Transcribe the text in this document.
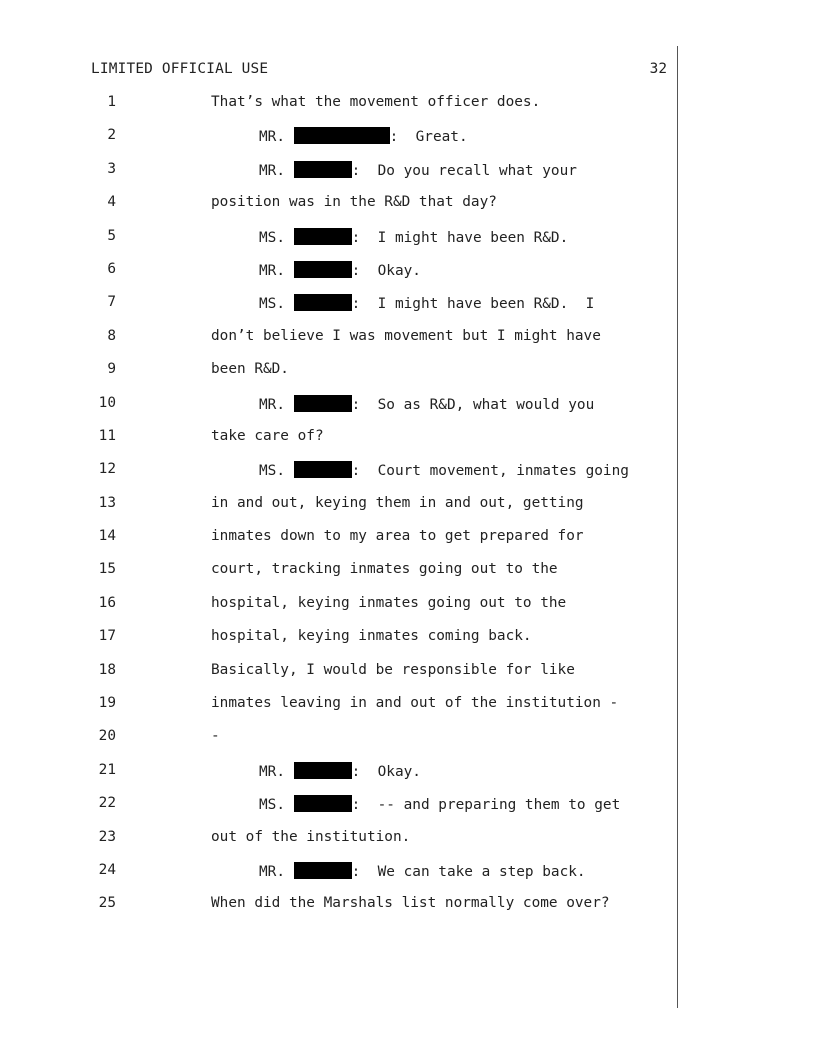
LIMITED OFFICIAL USE	32
1	That’s what the movement officer does.
2	MR.	:  Great.
3	MR.	:  Do you recall what your
4	position was in the R&D that day?
5	MS.	:  I might have been R&D.
6	MR.	:  Okay.
7	MS.	:  I might have been R&D.  I
8	don’t believe I was movement but I might have
9	been R&D.
10	MR.	:  So as R&D, what would you
11	take care of?
12	MS.	:  Court movement, inmates going
13	in and out, keying them in and out, getting
14	inmates down to my area to get prepared for
15	court, tracking inmates going out to the
16	hospital, keying inmates going out to the
17	hospital, keying inmates coming back.
18	Basically, I would be responsible for like
19	inmates leaving in and out of the institution -
20	-
21	MR.	:  Okay.
22	MS.	:  -- and preparing them to get
23	out of the institution.
24	MR.	:  We can take a step back.
25	When did the Marshals list normally come over?
